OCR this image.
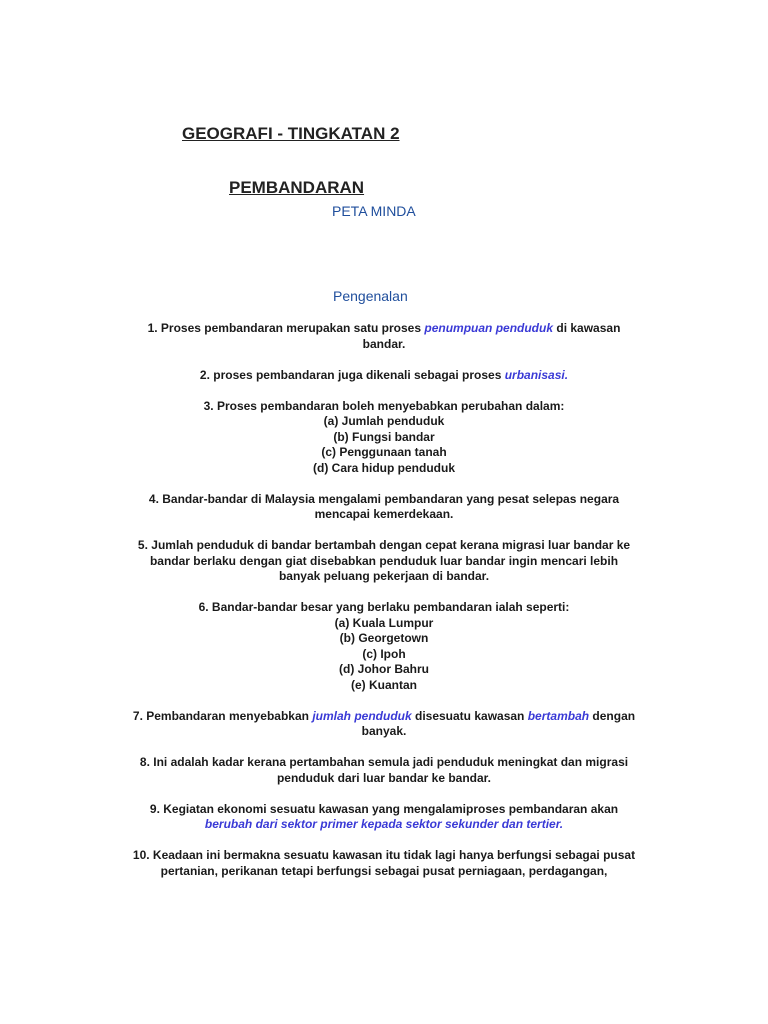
GEOGRAFI - TINGKATAN 2
PEMBANDARAN
PETA MINDA
Pengenalan

1. Proses pembandaran merupakan satu proses penumpuan penduduk di kawasan
bandar.

2. proses pembandaran juga dikenali sebagai proses urbanisasi.

3. Proses pembandaran boleh menyebabkan perubahan dalam:
(a) Jumlah penduduk
(b) Fungsi bandar
(c) Penggunaan tanah
(d) Cara hidup penduduk

4. Bandar-bandar di Malaysia mengalami pembandaran yang pesat selepas negara
mencapai kemerdekaan.

5. Jumlah penduduk di bandar bertambah dengan cepat kerana migrasi luar bandar ke
bandar berlaku dengan giat disebabkan penduduk luar bandar ingin mencari lebih
banyak peluang pekerjaan di bandar.

6. Bandar-bandar besar yang berlaku pembandaran ialah seperti:
(a) Kuala Lumpur
(b) Georgetown
(c) Ipoh
(d) Johor Bahru
(e) Kuantan

7. Pembandaran menyebabkan jumlah penduduk disesuatu kawasan bertambah dengan
banyak.

8. Ini adalah kadar kerana pertambahan semula jadi penduduk meningkat dan migrasi
penduduk dari luar bandar ke bandar.

9. Kegiatan ekonomi sesuatu kawasan yang mengalamiproses pembandaran akan
berubah dari sektor primer kepada sektor sekunder dan tertier.

10. Keadaan ini bermakna sesuatu kawasan itu tidak lagi hanya berfungsi sebagai pusat
pertanian, perikanan tetapi berfungsi sebagai pusat perniagaan, perdagangan,
